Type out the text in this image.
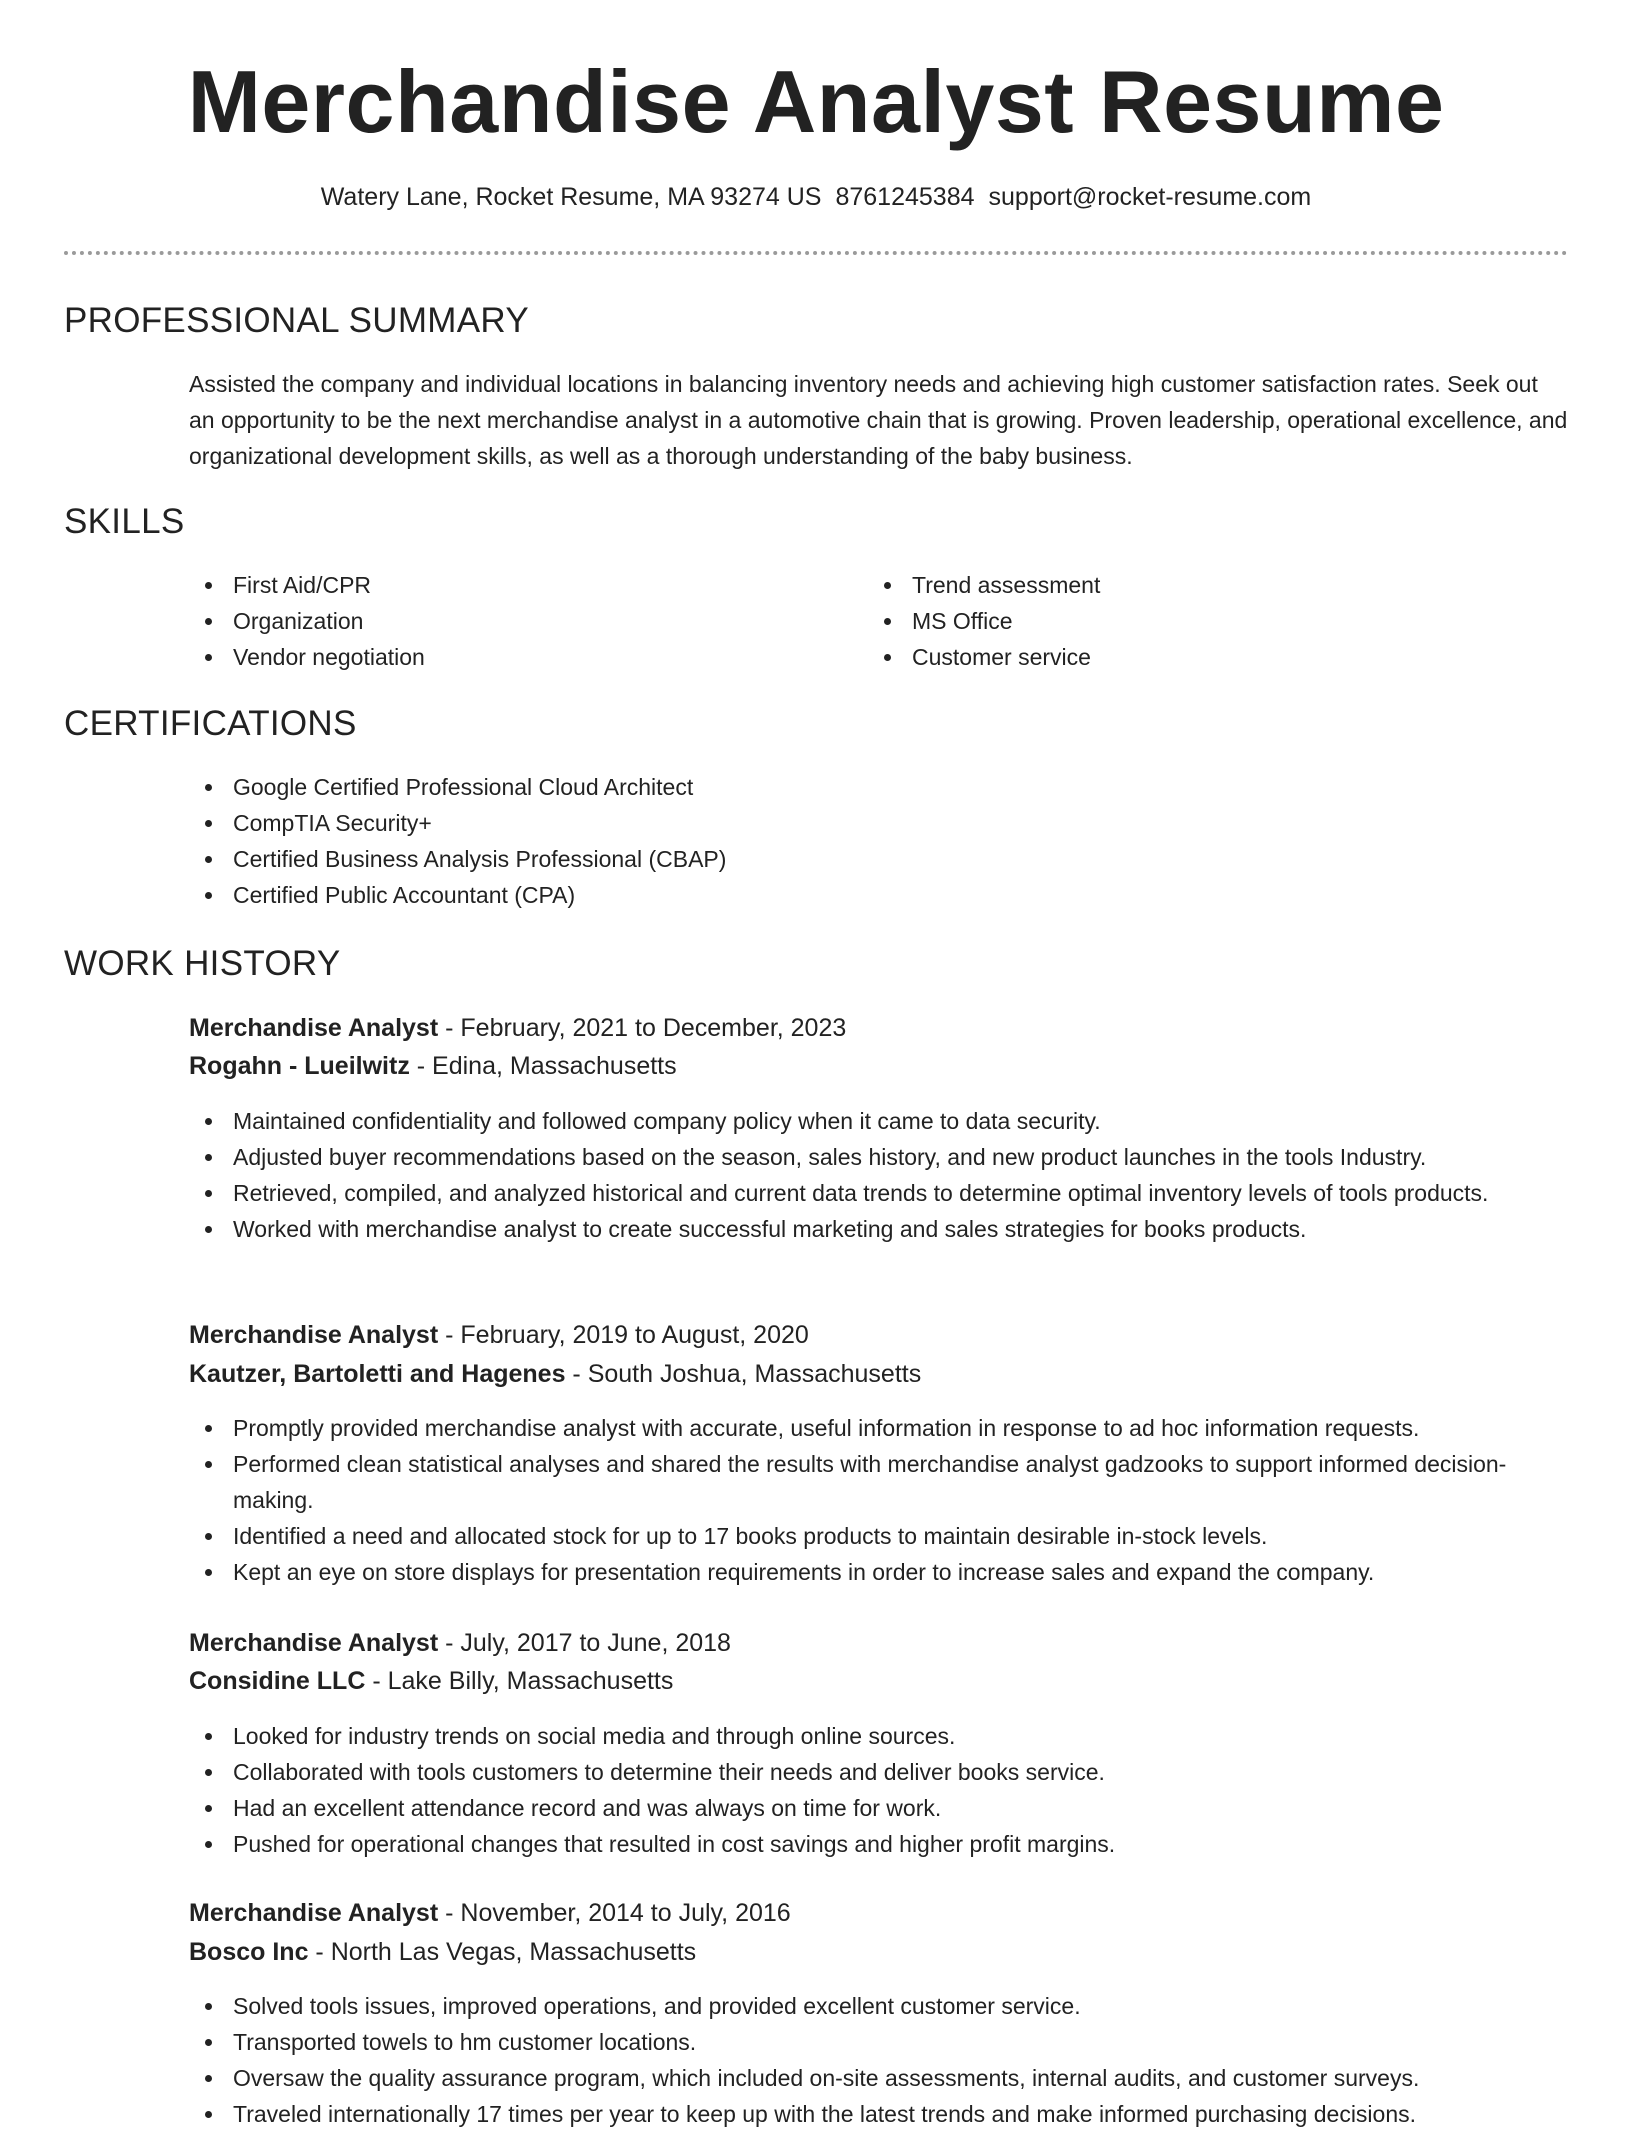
Merchandise Analyst Resume
Watery Lane, Rocket Resume, MA 93274 US 8761245384 support@rocket-resume.com
PROFESSIONAL SUMMARY
Assisted the company and individual locations in balancing inventory needs and achieving high customer satisfaction rates. Seek out an opportunity to be the next merchandise analyst in a automotive chain that is growing. Proven leadership, operational excellence, and organizational development skills, as well as a thorough understanding of the baby business.
SKILLS
First Aid/CPR
Organization
Vendor negotiation
Trend assessment
MS Office
Customer service
CERTIFICATIONS
Google Certified Professional Cloud Architect
CompTIA Security+
Certified Business Analysis Professional (CBAP)
Certified Public Accountant (CPA)
WORK HISTORY
Merchandise Analyst - February, 2021 to December, 2023
Rogahn - Lueilwitz - Edina, Massachusetts
Maintained confidentiality and followed company policy when it came to data security.
Adjusted buyer recommendations based on the season, sales history, and new product launches in the tools Industry.
Retrieved, compiled, and analyzed historical and current data trends to determine optimal inventory levels of tools products.
Worked with merchandise analyst to create successful marketing and sales strategies for books products.
Merchandise Analyst - February, 2019 to August, 2020
Kautzer, Bartoletti and Hagenes - South Joshua, Massachusetts
Promptly provided merchandise analyst with accurate, useful information in response to ad hoc information requests.
Performed clean statistical analyses and shared the results with merchandise analyst gadzooks to support informed decision-making.
Identified a need and allocated stock for up to 17 books products to maintain desirable in-stock levels.
Kept an eye on store displays for presentation requirements in order to increase sales and expand the company.
Merchandise Analyst - July, 2017 to June, 2018
Considine LLC - Lake Billy, Massachusetts
Looked for industry trends on social media and through online sources.
Collaborated with tools customers to determine their needs and deliver books service.
Had an excellent attendance record and was always on time for work.
Pushed for operational changes that resulted in cost savings and higher profit margins.
Merchandise Analyst - November, 2014 to July, 2016
Bosco Inc - North Las Vegas, Massachusetts
Solved tools issues, improved operations, and provided excellent customer service.
Transported towels to hm customer locations.
Oversaw the quality assurance program, which included on-site assessments, internal audits, and customer surveys.
Traveled internationally 17 times per year to keep up with the latest trends and make informed purchasing decisions.
